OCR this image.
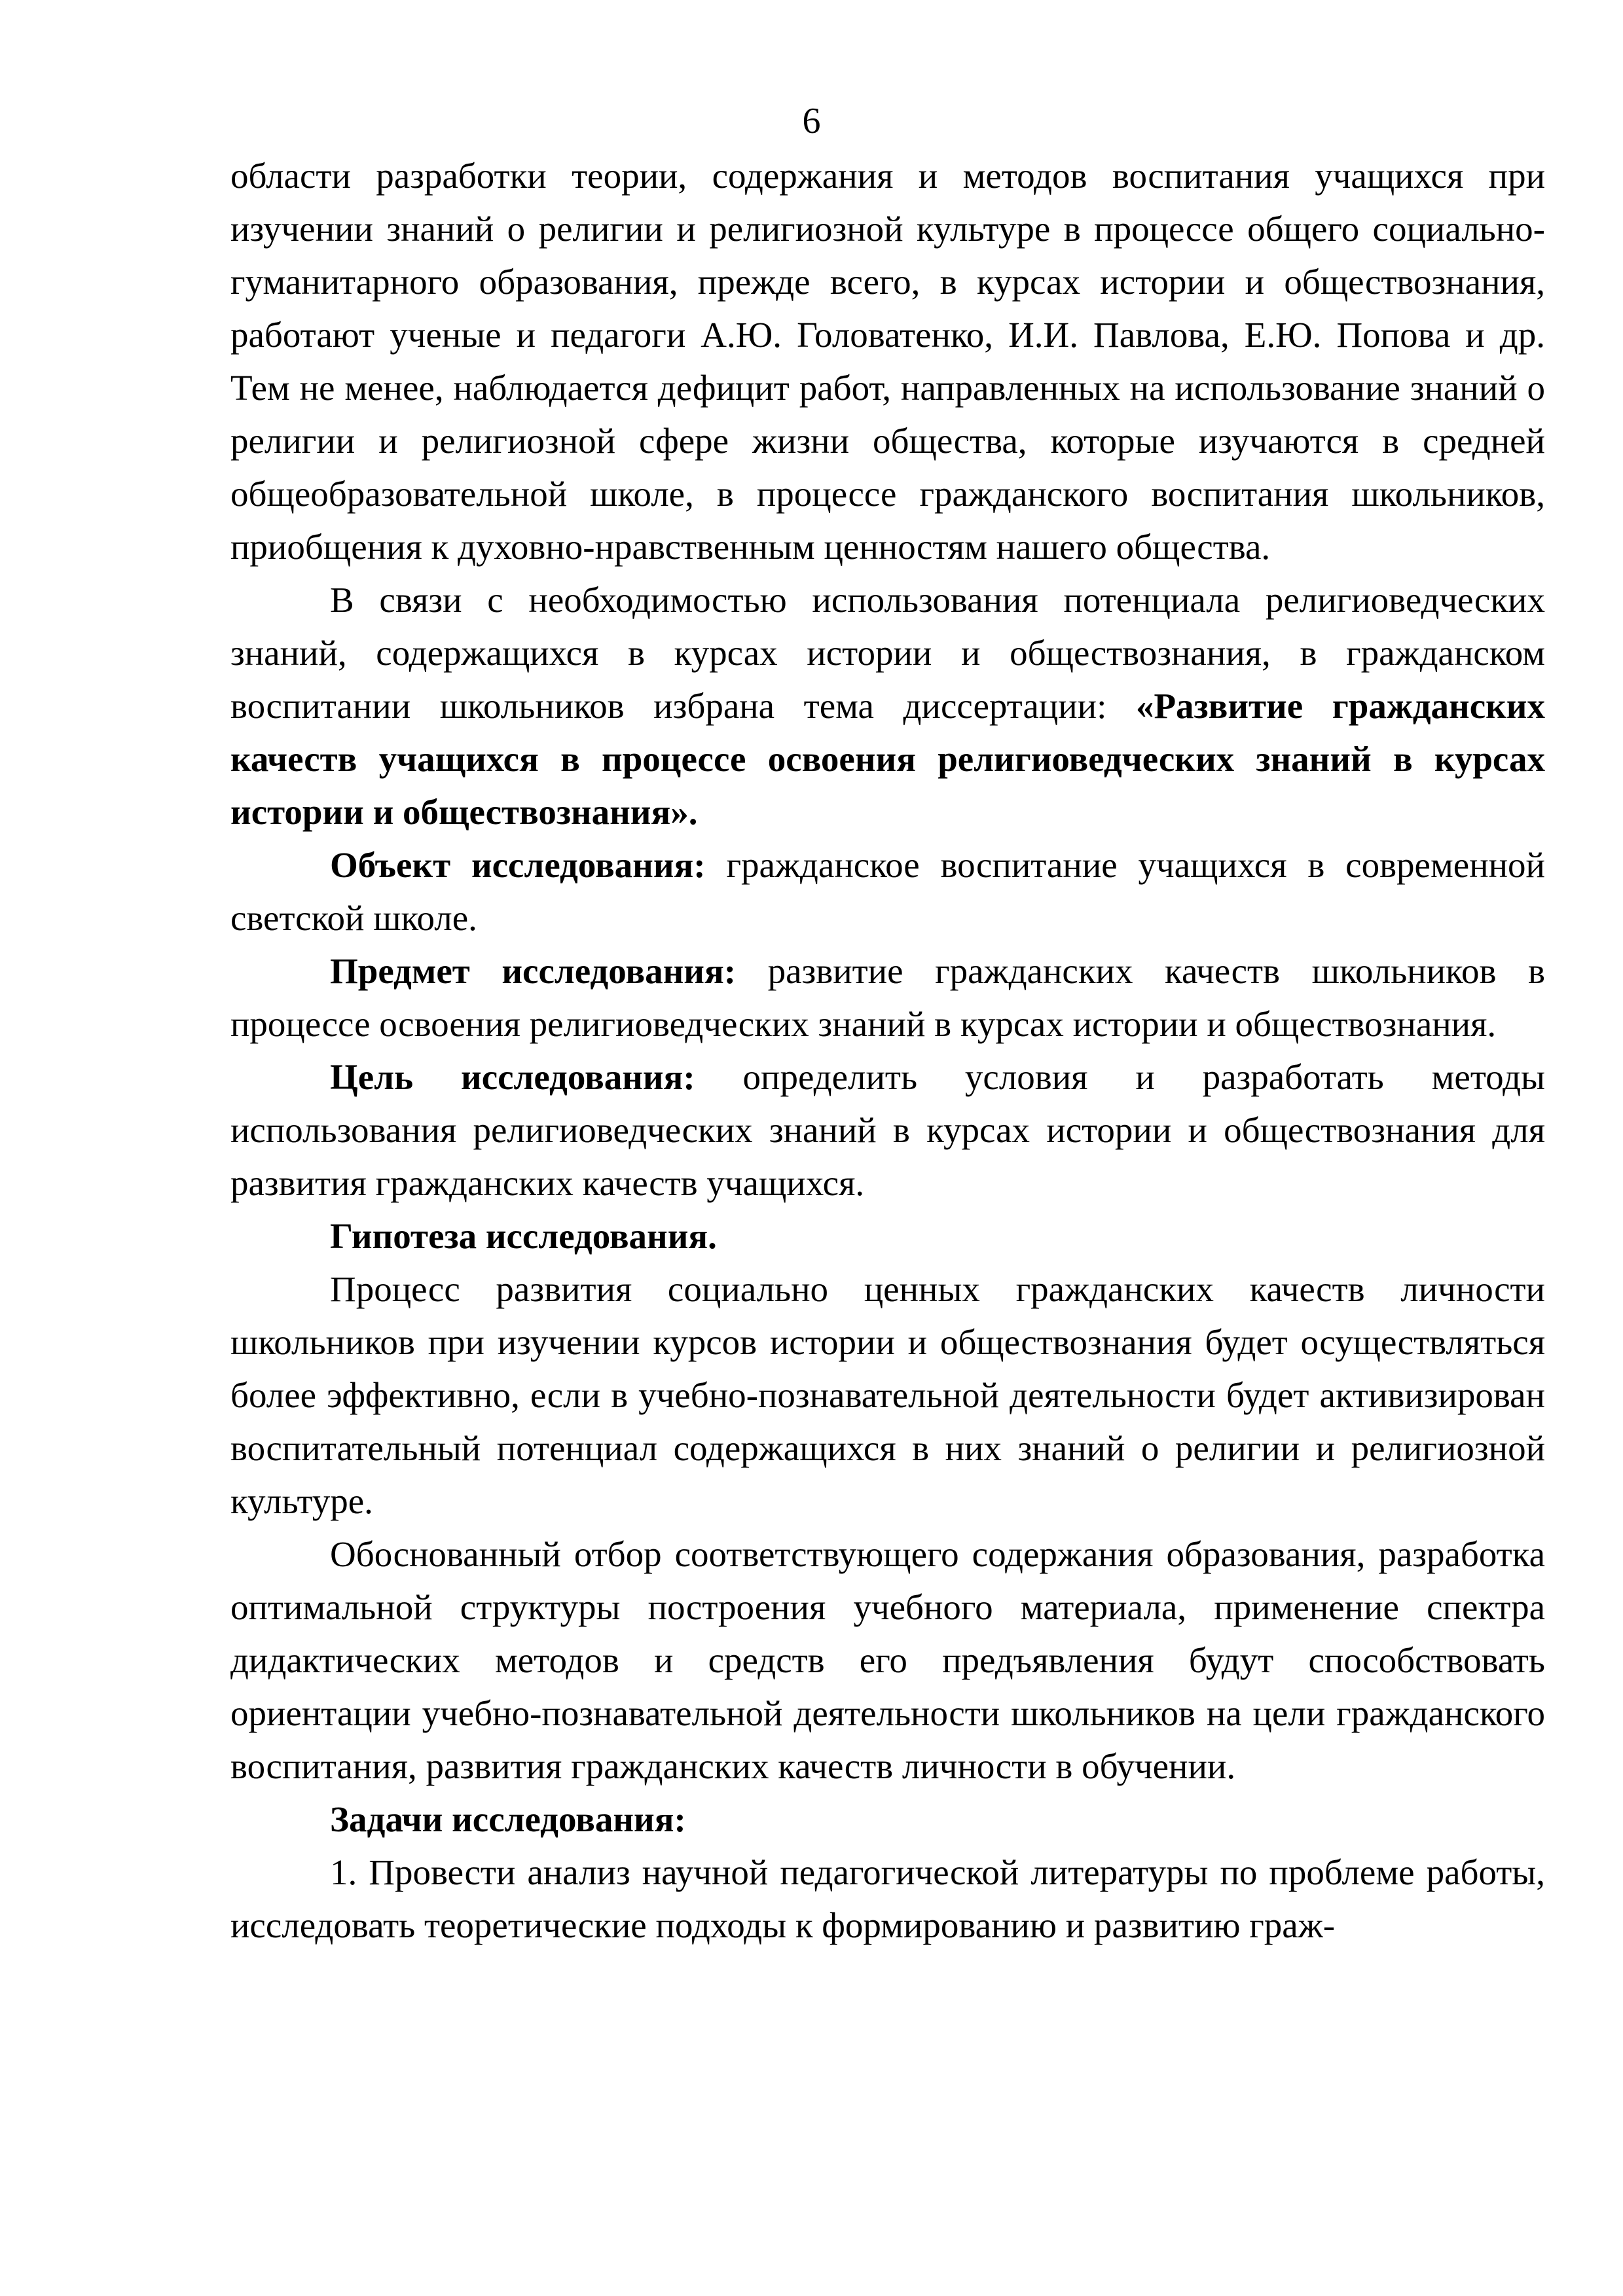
6

области разработки теории, содержания и методов воспитания учащихся при изучении знаний о религии и религиозной культуре в процессе общего социально-гуманитарного образования, прежде всего, в курсах истории и обществознания, работают ученые и педагоги А.Ю. Головатенко, И.И. Павлова, Е.Ю. Попова и др. Тем не менее, наблюдается дефицит работ, направленных на использование знаний о религии и религиозной сфере жизни общества, которые изучаются в средней общеобразовательной школе, в процессе гражданского воспитания школьников, приобщения к духовно-нравственным ценностям нашего общества.

В связи с необходимостью использования потенциала религиоведческих знаний, содержащихся в курсах истории и обществознания, в гражданском воспитании школьников избрана тема диссертации: «Развитие гражданских качеств учащихся в процессе освоения религиоведческих знаний в курсах истории и обществознания».

Объект исследования: гражданское воспитание учащихся в современной светской школе.

Предмет исследования: развитие гражданских качеств школьников в процессе освоения религиоведческих знаний в курсах истории и обществознания.

Цель исследования: определить условия и разработать методы использования религиоведческих знаний в курсах истории и обществознания для развития гражданских качеств учащихся.

Гипотеза исследования.

Процесс развития социально ценных гражданских качеств личности школьников при изучении курсов истории и обществознания будет осуществляться более эффективно, если в учебно-познавательной деятельности будет активизирован воспитательный потенциал содержащихся в них знаний о религии и религиозной культуре.

Обоснованный отбор соответствующего содержания образования, разработка оптимальной структуры построения учебного материала, применение спектра дидактических методов и средств его предъявления будут способствовать ориентации учебно-познавательной деятельности школьников на цели гражданского воспитания, развития гражданских качеств личности в обучении.

Задачи исследования:

1. Провести анализ научной педагогической литературы по проблеме работы, исследовать теоретические подходы к формированию и развитию граж-
